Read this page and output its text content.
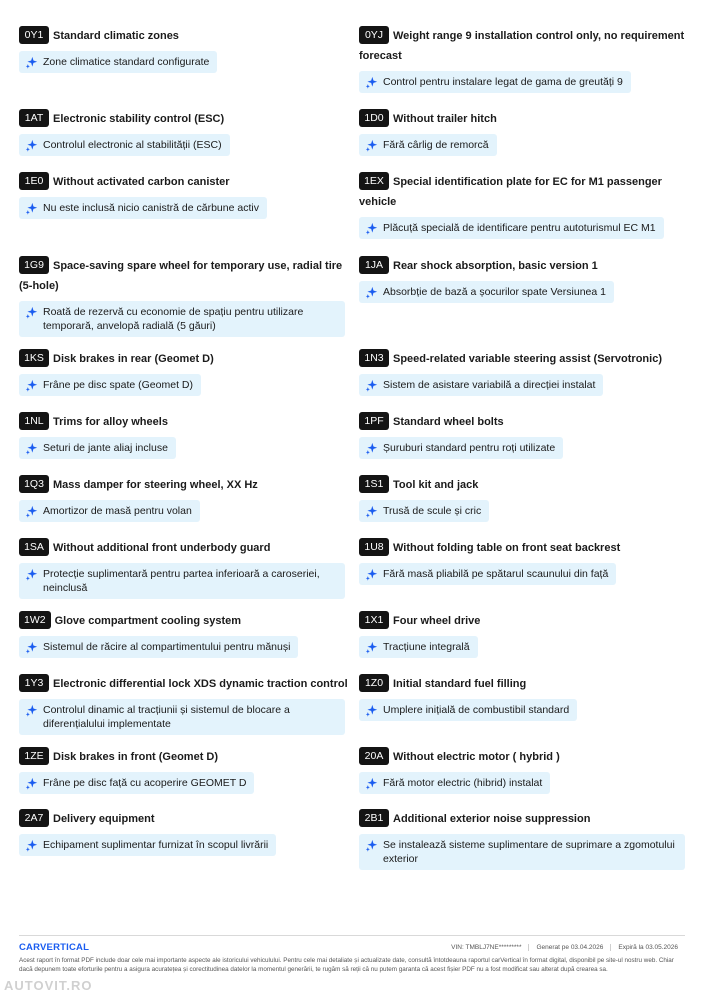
0Y1 Standard climatic zones
Zone climatice standard configurate
0YJ Weight range 9 installation control only, no requirement forecast
Control pentru instalare legat de gama de greutăți 9
1AT Electronic stability control (ESC)
Controlul electronic al stabilității (ESC)
1D0 Without trailer hitch
Fără cârlig de remorcă
1E0 Without activated carbon canister
Nu este inclusă nicio canistră de cărbune activ
1EX Special identification plate for EC for M1 passenger vehicle
Plăcuță specială de identificare pentru autoturismul EC M1
1G9 Space-saving spare wheel for temporary use, radial tire (5-hole)
Roată de rezervă cu economie de spațiu pentru utilizare temporară, anvelopă radială (5 găuri)
1JA Rear shock absorption, basic version 1
Absorbție de bază a șocurilor spate Versiunea 1
1KS Disk brakes in rear (Geomet D)
Frâne pe disc spate (Geomet D)
1N3 Speed-related variable steering assist (Servotronic)
Sistem de asistare variabilă a direcției instalat
1NL Trims for alloy wheels
Seturi de jante aliaj incluse
1PF Standard wheel bolts
Șuruburi standard pentru roți utilizate
1Q3 Mass damper for steering wheel, XX Hz
Amortizor de masă pentru volan
1S1 Tool kit and jack
Trusă de scule și cric
1SA Without additional front underbody guard
Protecție suplimentară pentru partea inferioară a caroseriei, neinclusă
1U8 Without folding table on front seat backrest
Fără masă pliabilă pe spătarul scaunului din față
1W2 Glove compartment cooling system
Sistemul de răcire al compartimentului pentru mănuși
1X1 Four wheel drive
Tracțiune integrală
1Y3 Electronic differential lock XDS dynamic traction control
Controlul dinamic al tracțiunii și sistemul de blocare a diferențialului implementate
1Z0 Initial standard fuel filling
Umplere inițială de combustibil standard
1ZE Disk brakes in front (Geomet D)
Frâne pe disc față cu acoperire GEOMET D
20A Without electric motor ( hybrid )
Fără motor electric (hibrid) instalat
2A7 Delivery equipment
Echipament suplimentar furnizat în scopul livrării
2B1 Additional exterior noise suppression
Se instalează sisteme suplimentare de suprimare a zgomotului exterior
CARVERTICAL	VIN: TMBLJ7NE*********	Generat pe 03.04.2026	Expiră la 03.05.2026
Acest raport în format PDF include doar cele mai importante aspecte ale istoricului vehiculului. Pentru cele mai detaliate și actualizate date, consultă întotdeauna raportul carVertical în format digital, disponibil pe site-ul nostru web. Chiar dacă depunem toate eforturile pentru a asigura acuratețea și corectitudinea datelor la momentul generării, te rugăm să reții că nu putem garanta că acest fișier PDF nu a fost modificat sau alterat după crearea sa.
AUTOVIT.RO
